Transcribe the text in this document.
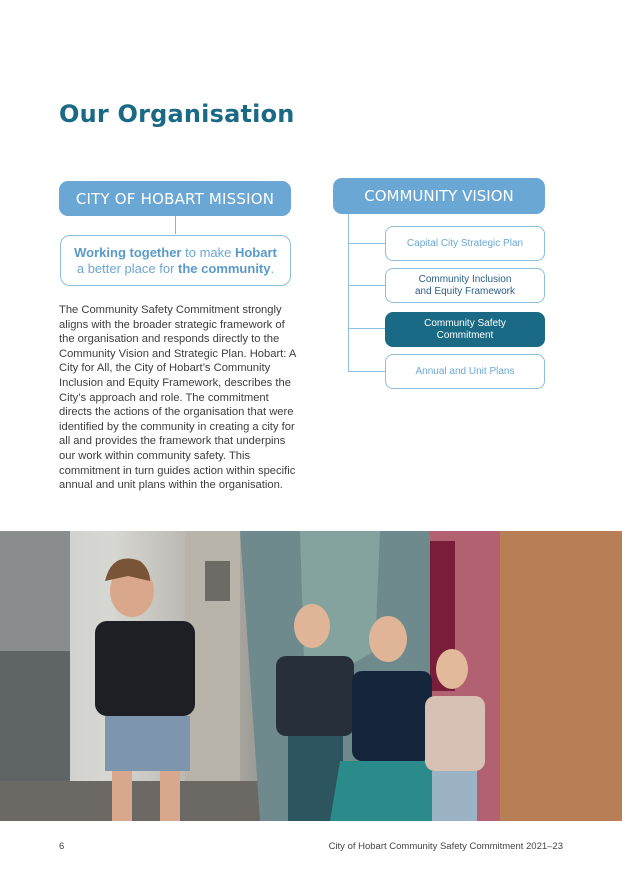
Our Organisation
CITY OF HOBART MISSION
Working together to make Hobart
a better place for the community.

The Community Safety Commitment strongly aligns with the broader strategic framework of the organisation and responds directly to the Community Vision and Strategic Plan. Hobart: A City for All, the City of Hobart’s Community Inclusion and Equity Framework, describes the City’s approach and role. The commitment directs the actions of the organisation that were identified by the community in creating a city for all and provides the framework that underpins our work within community safety. This commitment in turn guides action within specific annual and unit plans within the organisation.

COMMUNITY VISION
Capital City Strategic Plan
Community Inclusion
and Equity Framework
Community Safety
Commitment
Annual and Unit Plans
6	City of Hobart Community Safety Commitment 2021–23
